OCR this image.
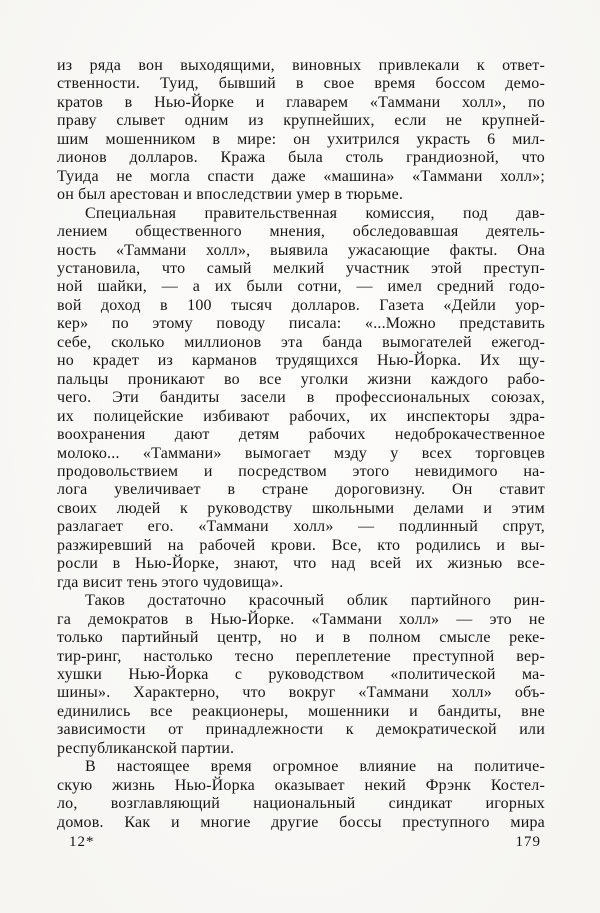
из ряда вон выходящими, виновных привлекали к ответ-
ственности. Туид, бывший в свое время боссом демо-
кратов в Нью-Йорке и главарем «Таммани холл», по
праву слывет одним из крупнейших, если не крупней-
шим мошенником в мире: он ухитрился украсть 6 мил-
лионов долларов. Кража была столь грандиозной, что
Туида не могла спасти даже «машина» «Таммани холл»;
он был арестован и впоследствии умер в тюрьме.
Специальная правительственная комиссия, под дав-
лением общественного мнения, обследовавшая деятель-
ность «Таммани холл», выявила ужасающие факты. Она
установила, что самый мелкий участник этой преступ-
ной шайки, — а их были сотни, — имел средний годо-
вой доход в 100 тысяч долларов. Газета «Дейли уор-
кер» по этому поводу писала: «...Можно представить
себе, сколько миллионов эта банда вымогателей ежегод-
но крадет из карманов трудящихся Нью-Йорка. Их щу-
пальцы проникают во все уголки жизни каждого рабо-
чего. Эти бандиты засели в профессиональных союзах,
их полицейские избивают рабочих, их инспекторы здра-
воохранения дают детям рабочих недоброкачественное
молоко... «Таммани» вымогает мзду у всех торговцев
продовольствием и посредством этого невидимого на-
лога увеличивает в стране дороговизну. Он ставит
своих людей к руководству школьными делами и этим
разлагает его. «Таммани холл» — подлинный спрут,
разжиревший на рабочей крови. Все, кто родились и вы-
росли в Нью-Йорке, знают, что над всей их жизнью все-
гда висит тень этого чудовища».
Таков достаточно красочный облик партийного рин-
га демократов в Нью-Йорке. «Таммани холл» — это не
только партийный центр, но и в полном смысле реке-
тир-ринг, настолько тесно переплетение преступной вер-
хушки Нью-Йорка с руководством «политической ма-
шины». Характерно, что вокруг «Таммани холл» объ-
единились все реакционеры, мошенники и бандиты, вне
зависимости от принадлежности к демократической или
республиканской партии.
В настоящее время огромное влияние на политиче-
скую жизнь Нью-Йорка оказывает некий Фрэнк Костел-
ло, возглавляющий национальный синдикат игорных
домов. Как и многие другие боссы преступного мира
12*	179
